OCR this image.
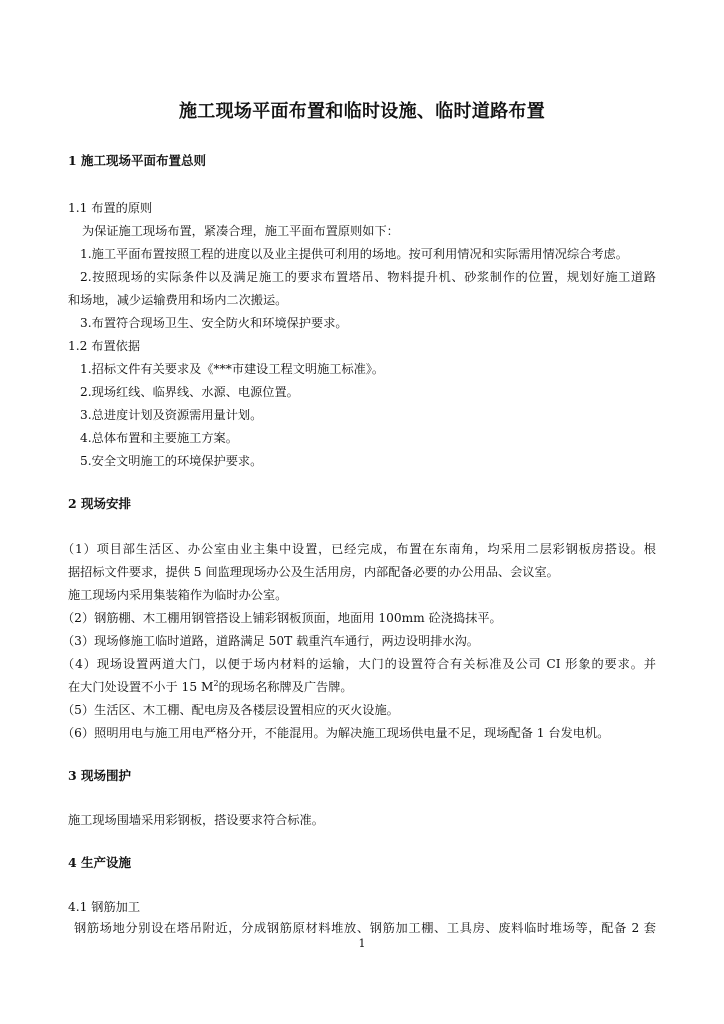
施工现场平面布置和临时设施、临时道路布置
1 施工现场平面布置总则
1.1 布置的原则
为保证施工现场布置，紧凑合理，施工平面布置原则如下：
1.施工平面布置按照工程的进度以及业主提供可利用的场地。按可利用情况和实际需用情况综合考虑。
2.按照现场的实际条件以及满足施工的要求布置塔吊、物料提升机、砂浆制作的位置，规划好施工道路
和场地，减少运输费用和场内二次搬运。
3.布置符合现场卫生、安全防火和环境保护要求。
1.2 布置依据
1.招标文件有关要求及《***市建设工程文明施工标准》。
2.现场红线、临界线、水源、电源位置。
3.总进度计划及资源需用量计划。
4.总体布置和主要施工方案。
5.安全文明施工的环境保护要求。
2 现场安排
（1）项目部生活区、办公室由业主集中设置，已经完成，布置在东南角，均采用二层彩钢板房搭设。根
据招标文件要求，提供 5 间监理现场办公及生活用房，内部配备必要的办公用品、会议室。
施工现场内采用集装箱作为临时办公室。
（2）钢筋棚、木工棚用钢管搭设上铺彩钢板顶面，地面用 100mm 砼浇捣抹平。
（3）现场修施工临时道路，道路满足 50T 载重汽车通行，两边设明排水沟。
（4）现场设置两道大门，以便于场内材料的运输，大门的设置符合有关标准及公司 CI 形象的要求。并
在大门处设置不小于 15 $M^2$的现场名称牌及广告牌。
（5）生活区、木工棚、配电房及各楼层设置相应的灭火设施。
（6）照明用电与施工用电严格分开，不能混用。为解决施工现场供电量不足，现场配备 1 台发电机。
3 现场围护
施工现场围墙采用彩钢板，搭设要求符合标准。
4 生产设施
4.1 钢筋加工
钢筋场地分别设在塔吊附近，分成钢筋原材料堆放、钢筋加工棚、工具房、废料临时堆场等，配备 2 套
1
